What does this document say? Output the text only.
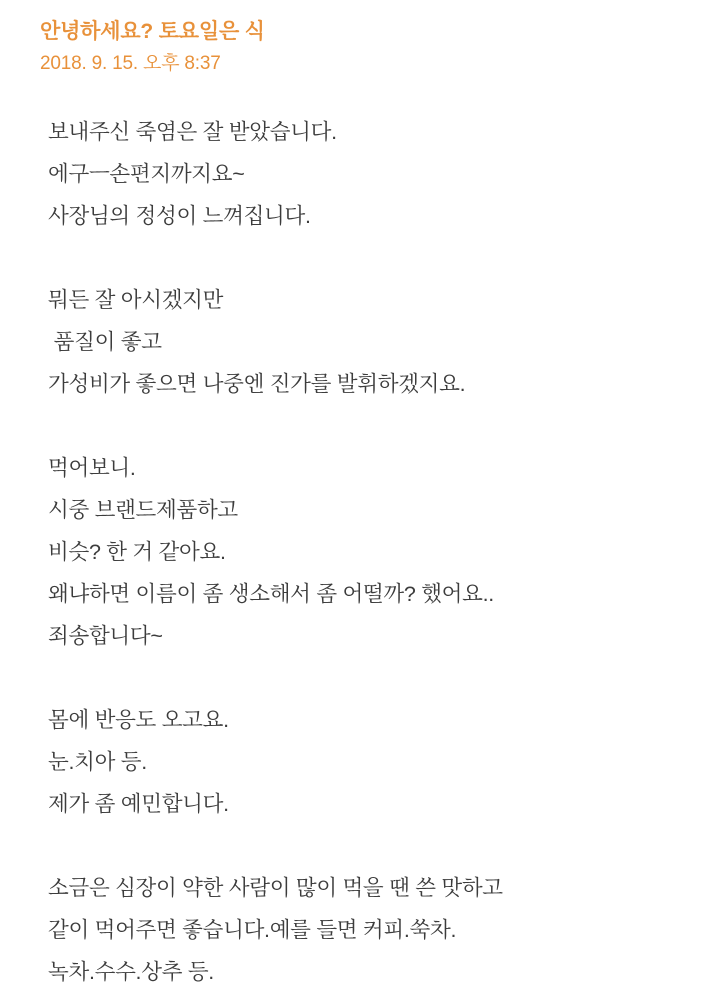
안녕하세요? 토요일은 식
2018. 9. 15. 오후 8:37
보내주신 죽염은 잘 받았습니다.
에구ㅡ손편지까지요~
사장님의 정성이 느껴집니다.
뭐든 잘 아시겠지만
품질이 좋고
가성비가 좋으면 나중엔 진가를 발휘하겠지요.
먹어보니.
시중 브랜드제품하고
비슷? 한 거 같아요.
왜냐하면 이름이 좀 생소해서 좀 어떨까? 했어요..
죄송합니다~
몸에 반응도 오고요.
눈.치아 등.
제가 좀 예민합니다.
소금은 심장이 약한 사람이 많이 먹을 땐 쓴 맛하고
같이 먹어주면 좋습니다.예를 들면 커피.쑥차.
녹차.수수.상추 등.
